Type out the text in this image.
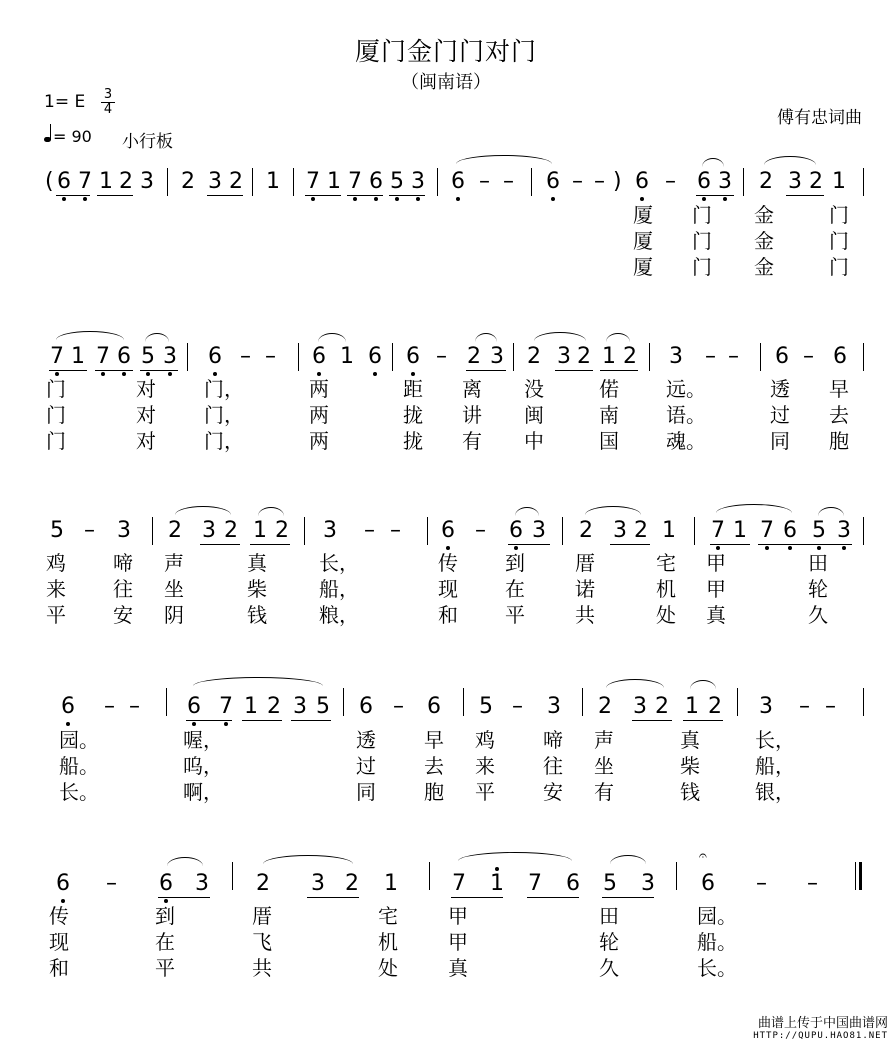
厦门金门门对门
（闽南语）
1= E 3
4
= 90 小行板
傅有忠词曲
( 6 7 1 2 3 2 3 2 1 7 1 7 6 5 3 6 – – 6 – – ) 6 – 6 3 2 3 2 1
厦 门 金	门
厦 门 金	门
厦 门 金	门
7 1 7 6 5 3 6 – – 6 1 6 6 – 2 3 2 3 2 1 2 3 – – 6 – 6
门	对 门，	两	距 离 没	偌 远。	透 早
门	对 门，	两	拢 讲 闽	南 语。	过 去
门	对 门，	两	拢 有 中	国 魂。	同 胞
5 – 3 2 3 2 1 2 3 – – 6 – 6 3 2 3 2 1 7 1 7 6 5 3
鸡 啼 声	真	长，	传 到	厝	宅 甲	田
来 往 坐	柴	船，	现 在	诺	机 甲	轮
平 安 阴	钱	粮，	和 平	共	处 真	久
6 – – 6 7 1 2 3 5 6 – 6 5 – 3 2 3 2 1 2 3 – –
园。	喔，	透 早 鸡 啼 声	真	长，
船。	呜，	过 去 来 往 坐	柴	船，
长。	啊，	同 胞 平 安 有	钱	银，
6 – 6 3 2 3 2 1 7 1 7 6 5 3
𝄐
6 – –
传	到	厝	宅	甲	田	园。
现	在	飞	机	甲	轮	船。
和	平	共	处	真	久	长。
曲谱上传于中国曲谱网
HTTP://QUPU.HAO81.NET
